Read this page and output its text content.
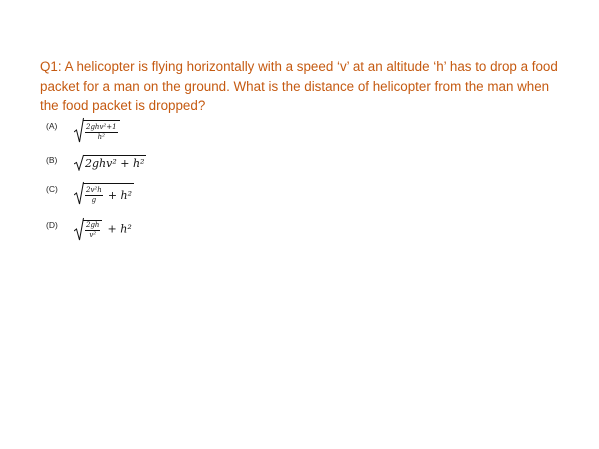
Q1: A helicopter is flying horizontally with a speed ‘v’ at an altitude ‘h’ has to drop a food packet for a man on the ground. What is the distance of helicopter from the man when the food packet is dropped?
(A)	$\frac{\text{2ghv²+1}}{\text{h²}}$
(B)	2ghv² + h²
(C)	$\frac{\text{2v²h}}{g} + h^2$
(D)	$\frac{2gh}{\text{v²}} + h^2$
